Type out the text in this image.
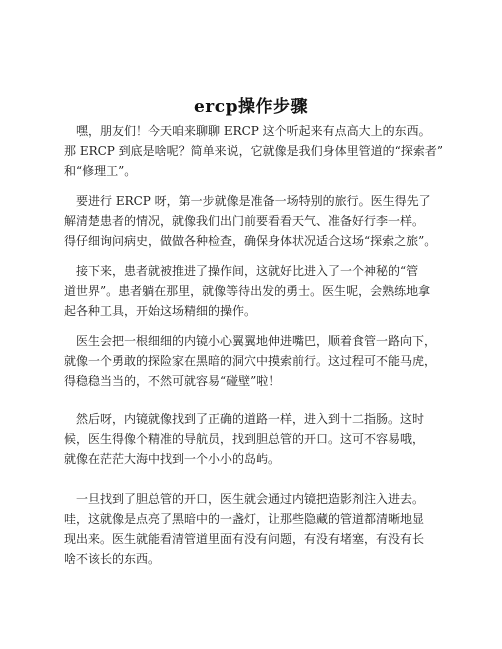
ercp操作步骤
　嘿，朋友们！今天咱来聊聊 ERCP 这个听起来有点高大上的东西。
那 ERCP 到底是啥呢？简单来说，它就像是我们身体里管道的“探索者”
和“修理工”。
　要进行 ERCP 呀，第一步就像是准备一场特别的旅行。医生得先了
解清楚患者的情况，就像我们出门前要看看天气、准备好行李一样。
得仔细询问病史，做做各种检查，确保身体状况适合这场“探索之旅”。
　接下来，患者就被推进了操作间，这就好比进入了一个神秘的“管
道世界”。患者躺在那里，就像等待出发的勇士。医生呢，会熟练地拿
起各种工具，开始这场精细的操作。
　医生会把一根细细的内镜小心翼翼地伸进嘴巴，顺着食管一路向下，
就像一个勇敢的探险家在黑暗的洞穴中摸索前行。这过程可不能马虎，
得稳稳当当的，不然可就容易“碰壁”啦！
　然后呀，内镜就像找到了正确的道路一样，进入到十二指肠。这时
候，医生得像个精准的导航员，找到胆总管的开口。这可不容易哦，
就像在茫茫大海中找到一个小小的岛屿。
　一旦找到了胆总管的开口，医生就会通过内镜把造影剂注入进去。
哇，这就像是点亮了黑暗中的一盏灯，让那些隐藏的管道都清晰地显
现出来。医生就能看清管道里面有没有问题，有没有堵塞，有没有长
啥不该长的东西。
